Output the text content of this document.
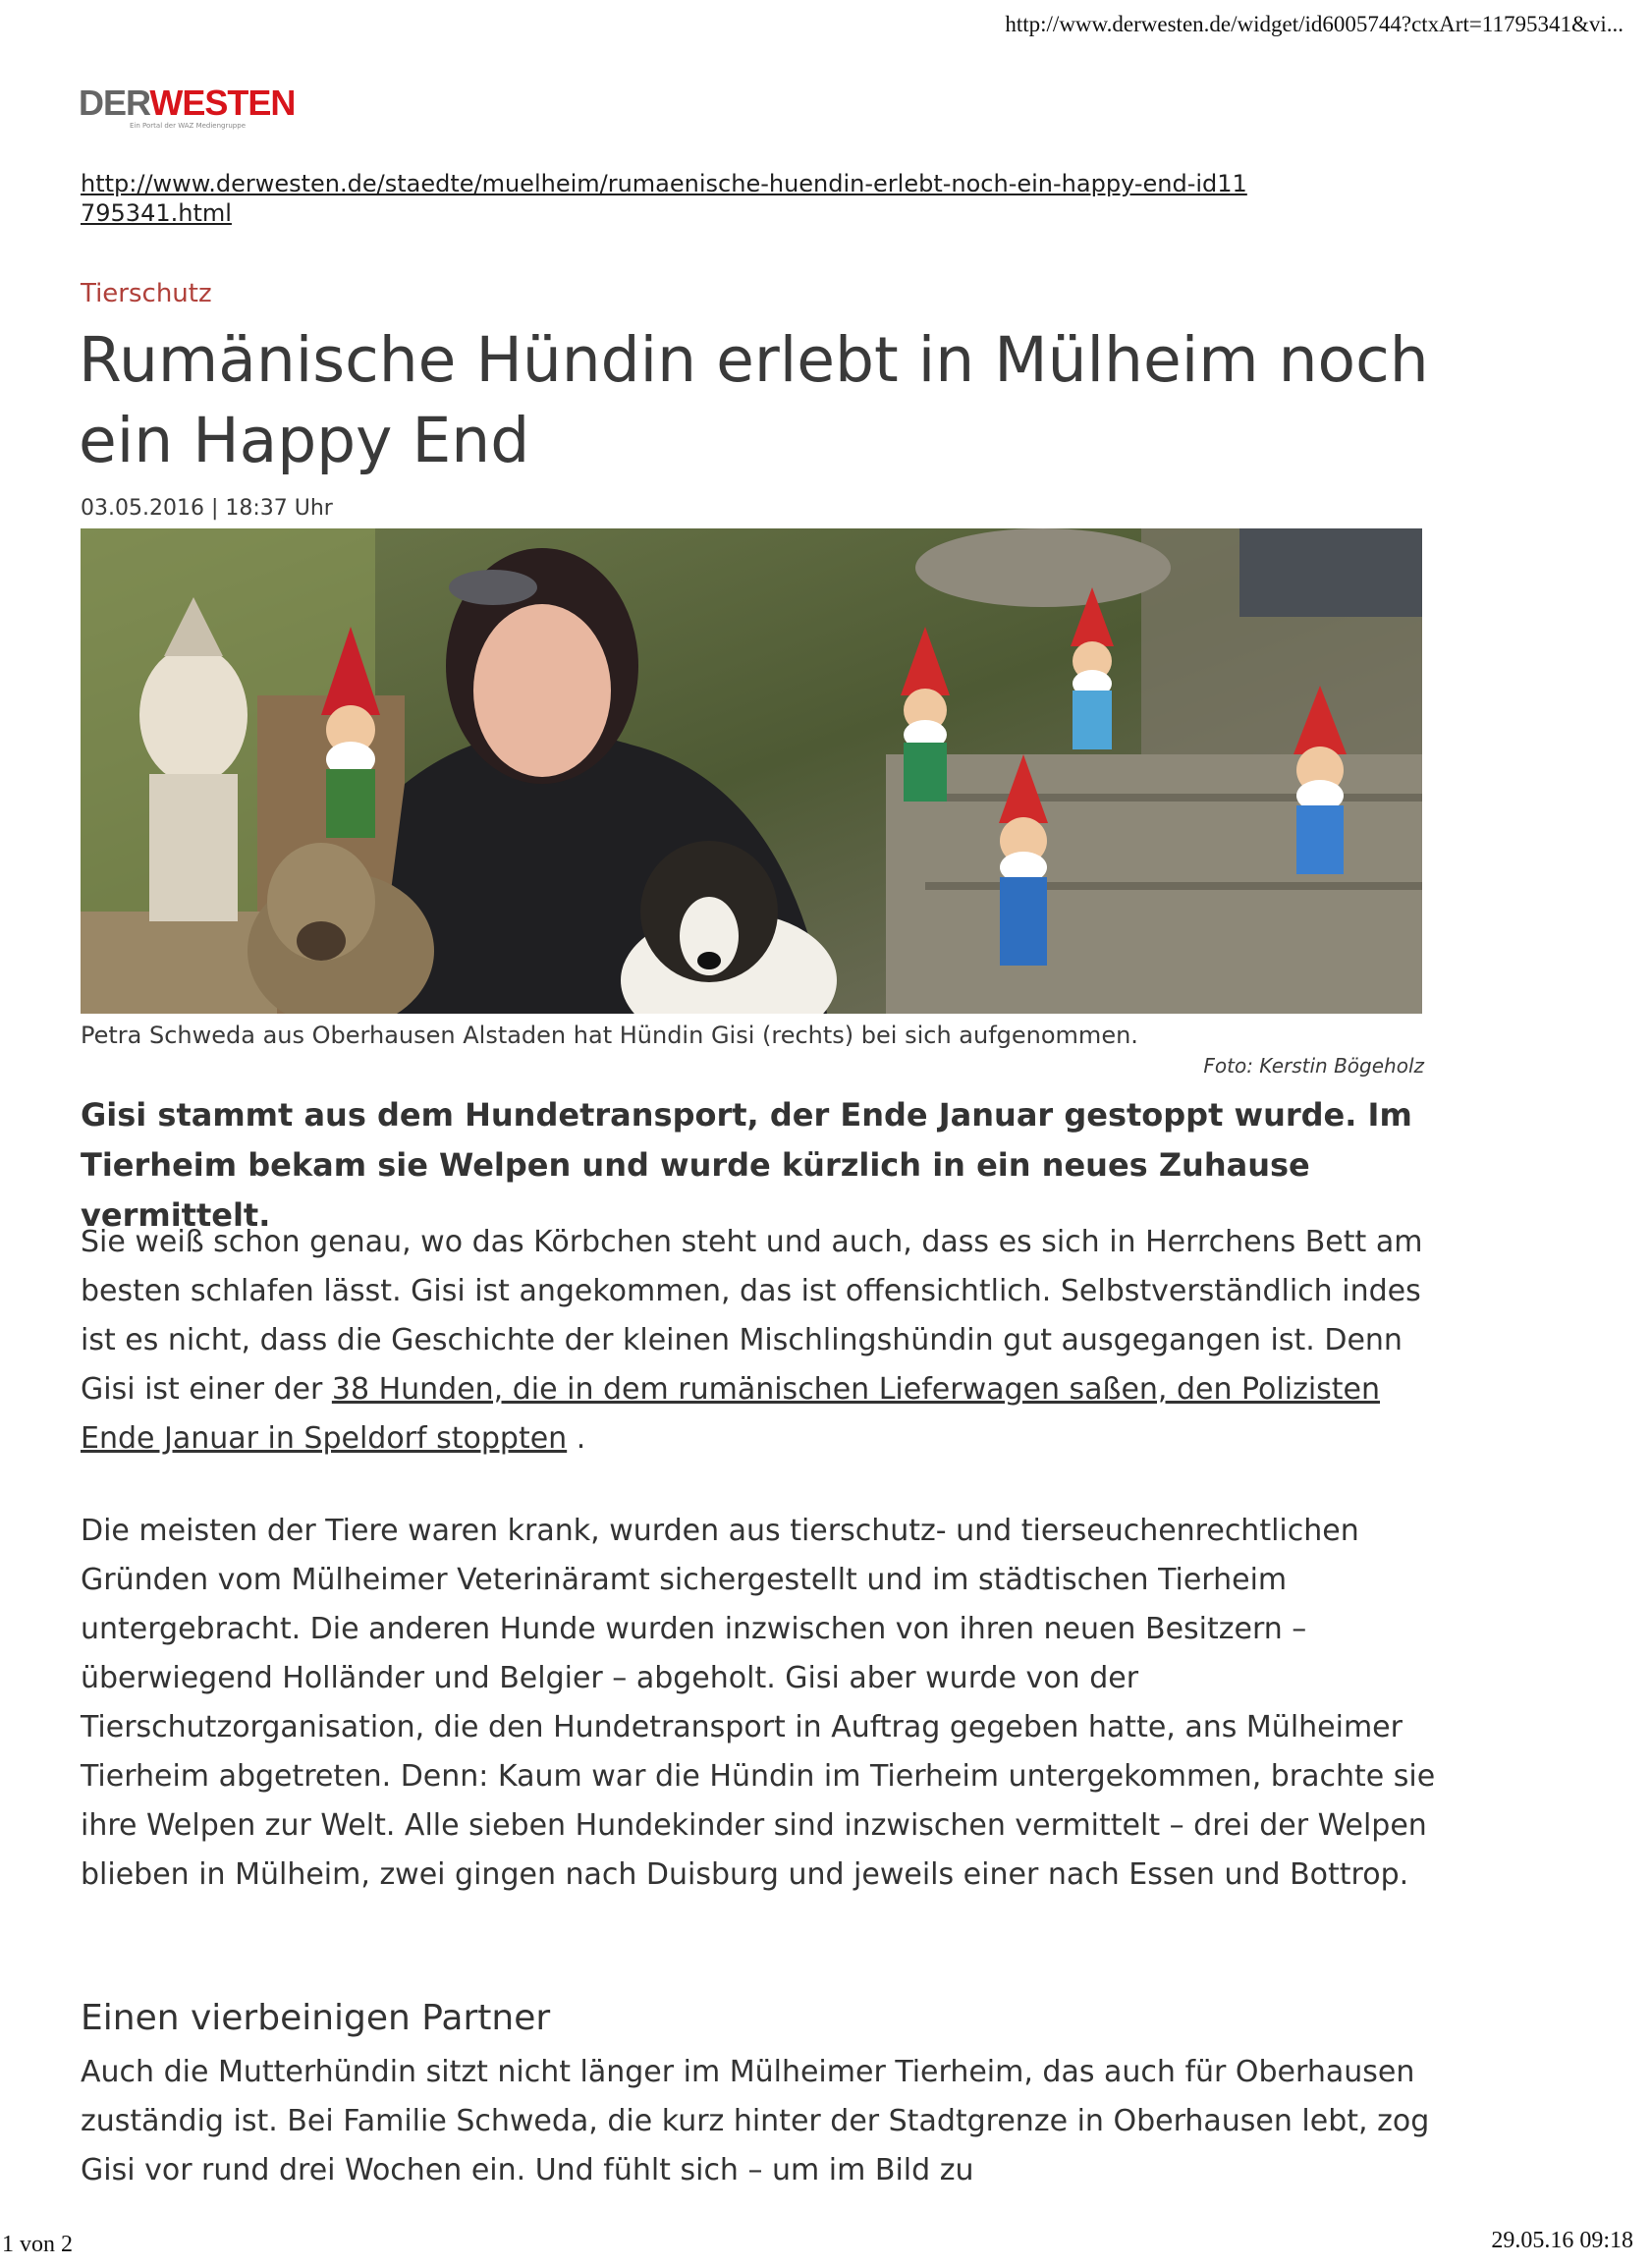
http://www.derwesten.de/widget/id6005744?ctxArt=11795341&vi...
DERWESTEN
Ein Portal der WAZ Mediengruppe
http://www.derwesten.de/staedte/muelheim/rumaenische-huendin-erlebt-noch-ein-happy-end-id11795341.html
Tierschutz
Rumänische Hündin erlebt in Mülheim noch ein Happy End
03.05.2016 | 18:37 Uhr
Petra Schweda aus Oberhausen Alstaden hat Hündin Gisi (rechts) bei sich aufgenommen.
Foto: Kerstin Bögeholz

Gisi stammt aus dem Hundetransport, der Ende Januar gestoppt wurde. Im Tierheim bekam sie Welpen und wurde kürzlich in ein neues Zuhause vermittelt.

Sie weiß schon genau, wo das Körbchen steht und auch, dass es sich in Herrchens Bett am besten schlafen lässt. Gisi ist angekommen, das ist offensichtlich. Selbstverständlich indes ist es nicht, dass die Geschichte der kleinen Mischlingshündin gut ausgegangen ist. Denn Gisi ist einer der 38 Hunden, die in dem rumänischen Lieferwagen saßen, den Polizisten Ende Januar in Speldorf stoppten .

Die meisten der Tiere waren krank, wurden aus tierschutz- und tierseuchenrechtlichen Gründen vom Mülheimer Veterinäramt sichergestellt und im städtischen Tierheim untergebracht. Die anderen Hunde wurden inzwischen von ihren neuen Besitzern – überwiegend Holländer und Belgier – abgeholt. Gisi aber wurde von der Tierschutzorganisation, die den Hundetransport in Auftrag gegeben hatte, ans Mülheimer Tierheim abgetreten. Denn: Kaum war die Hündin im Tierheim untergekommen, brachte sie ihre Welpen zur Welt. Alle sieben Hundekinder sind inzwischen vermittelt – drei der Welpen blieben in Mülheim, zwei gingen nach Duisburg und jeweils einer nach Essen und Bottrop.

Einen vierbeinigen Partner

Auch die Mutterhündin sitzt nicht länger im Mülheimer Tierheim, das auch für Oberhausen zuständig ist. Bei Familie Schweda, die kurz hinter der Stadtgrenze in Oberhausen lebt, zog Gisi vor rund drei Wochen ein. Und fühlt sich – um im Bild zu

1 von 2	29.05.16 09:18
